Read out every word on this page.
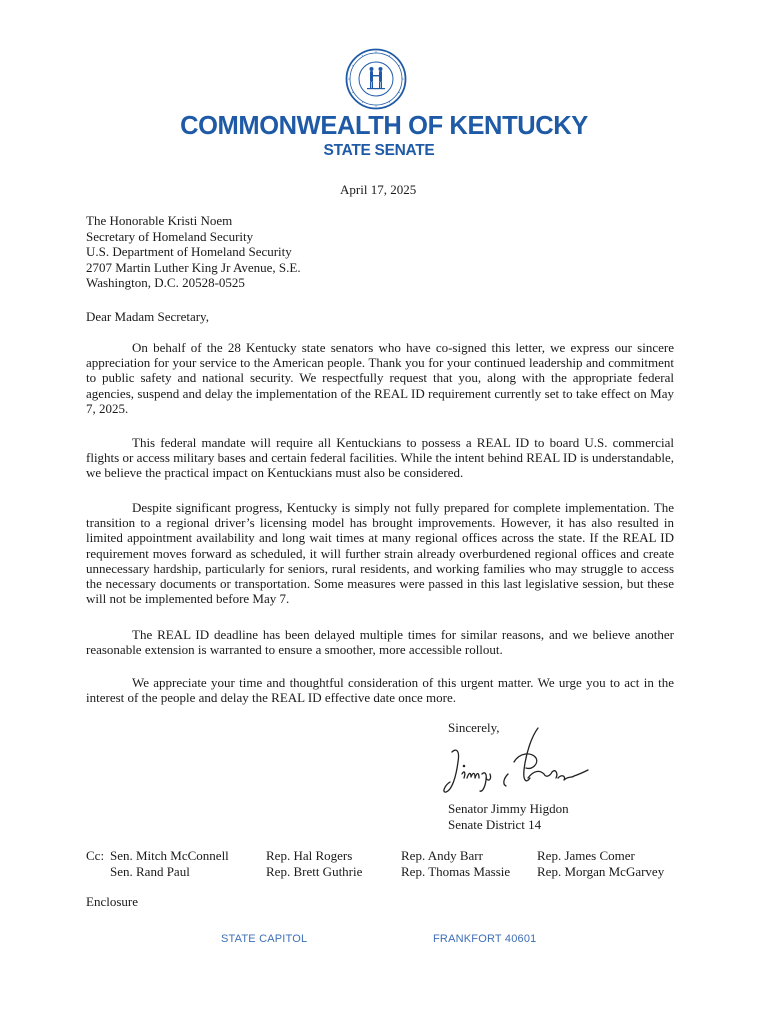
COMMONWEALTH OF KENTUCKY
STATE SENATE
April 17, 2025
The Honorable Kristi Noem
Secretary of Homeland Security
U.S. Department of Homeland Security
2707 Martin Luther King Jr Avenue, S.E.
Washington, D.C. 20528-0525
Dear Madam Secretary,

On behalf of the 28 Kentucky state senators who have co-signed this letter, we express our sincere appreciation for your service to the American people. Thank you for your continued leadership and commitment to public safety and national security. We respectfully request that you, along with the appropriate federal agencies, suspend and delay the implementation of the REAL ID requirement currently set to take effect on May 7, 2025.

This federal mandate will require all Kentuckians to possess a REAL ID to board U.S. commercial flights or access military bases and certain federal facilities. While the intent behind REAL ID is understandable, we believe the practical impact on Kentuckians must also be considered.

Despite significant progress, Kentucky is simply not fully prepared for complete implementation. The transition to a regional driver’s licensing model has brought improvements. However, it has also resulted in limited appointment availability and long wait times at many regional offices across the state. If the REAL ID requirement moves forward as scheduled, it will further strain already overburdened regional offices and create unnecessary hardship, particularly for seniors, rural residents, and working families who may struggle to access the necessary documents or transportation. Some measures were passed in this last legislative session, but these will not be implemented before May 7.

The REAL ID deadline has been delayed multiple times for similar reasons, and we believe another reasonable extension is warranted to ensure a smoother, more accessible rollout.

We appreciate your time and thoughtful consideration of this urgent matter. We urge you to act in the interest of the people and delay the REAL ID effective date once more.

Sincerely,
Senator Jimmy Higdon
Senate District 14
Cc: Sen. Mitch McConnell
Sen. Rand Paul
Rep. Hal Rogers
Rep. Brett Guthrie
Rep. Andy Barr
Rep. Thomas Massie
Rep. James Comer
Rep. Morgan McGarvey
Enclosure
STATE CAPITOL	FRANKFORT 40601
